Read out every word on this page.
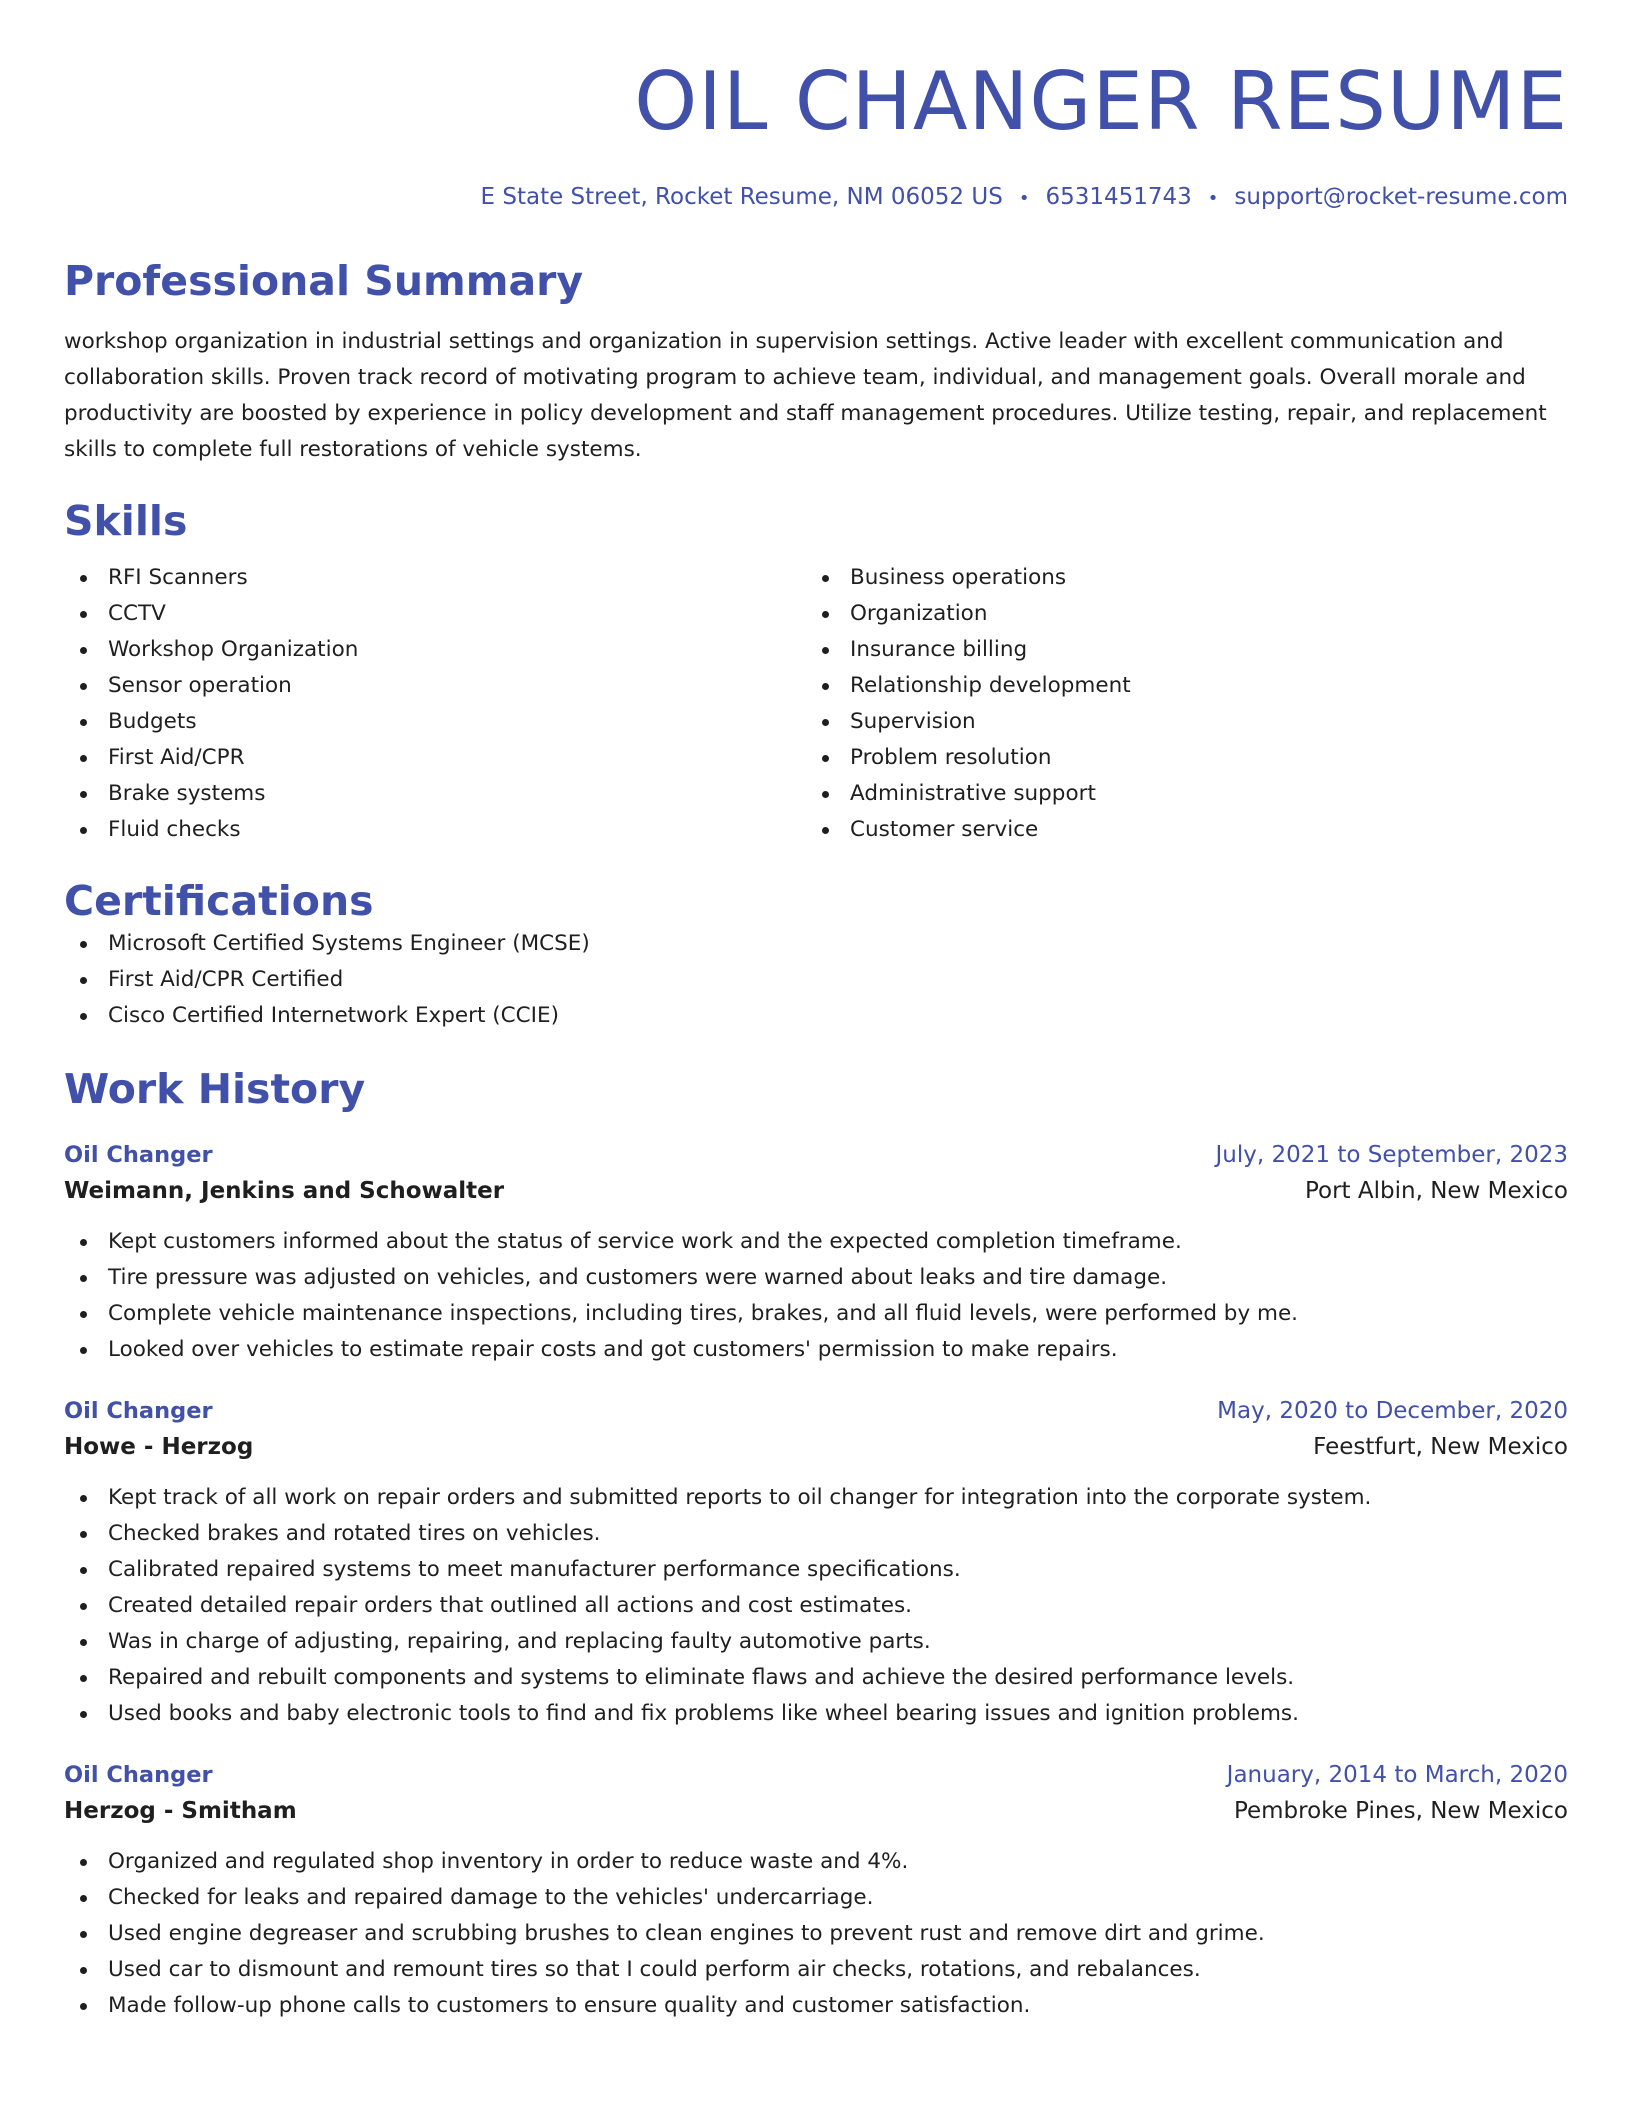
OIL CHANGER RESUME
E State Street, Rocket Resume, NM 06052 US • 6531451743 • support@rocket-resume.com
Professional Summary
workshop organization in industrial settings and organization in supervision settings. Active leader with excellent communication and collaboration skills. Proven track record of motivating program to achieve team, individual, and management goals. Overall morale and productivity are boosted by experience in policy development and staff management procedures. Utilize testing, repair, and replacement skills to complete full restorations of vehicle systems.
Skills
RFI Scanners
CCTV
Workshop Organization
Sensor operation
Budgets
First Aid/CPR
Brake systems
Fluid checks
Business operations
Organization
Insurance billing
Relationship development
Supervision
Problem resolution
Administrative support
Customer service
Certifications
Microsoft Certified Systems Engineer (MCSE)
First Aid/CPR Certified
Cisco Certified Internetwork Expert (CCIE)
Work History
Oil Changer	July, 2021 to September, 2023
Weimann, Jenkins and Schowalter	Port Albin, New Mexico
Kept customers informed about the status of service work and the expected completion timeframe.
Tire pressure was adjusted on vehicles, and customers were warned about leaks and tire damage.
Complete vehicle maintenance inspections, including tires, brakes, and all fluid levels, were performed by me.
Looked over vehicles to estimate repair costs and got customers' permission to make repairs.
Oil Changer	May, 2020 to December, 2020
Howe - Herzog	Feestfurt, New Mexico
Kept track of all work on repair orders and submitted reports to oil changer for integration into the corporate system.
Checked brakes and rotated tires on vehicles.
Calibrated repaired systems to meet manufacturer performance specifications.
Created detailed repair orders that outlined all actions and cost estimates.
Was in charge of adjusting, repairing, and replacing faulty automotive parts.
Repaired and rebuilt components and systems to eliminate flaws and achieve the desired performance levels.
Used books and baby electronic tools to find and fix problems like wheel bearing issues and ignition problems.
Oil Changer	January, 2014 to March, 2020
Herzog - Smitham	Pembroke Pines, New Mexico
Organized and regulated shop inventory in order to reduce waste and 4%.
Checked for leaks and repaired damage to the vehicles' undercarriage.
Used engine degreaser and scrubbing brushes to clean engines to prevent rust and remove dirt and grime.
Used car to dismount and remount tires so that I could perform air checks, rotations, and rebalances.
Made follow-up phone calls to customers to ensure quality and customer satisfaction.
